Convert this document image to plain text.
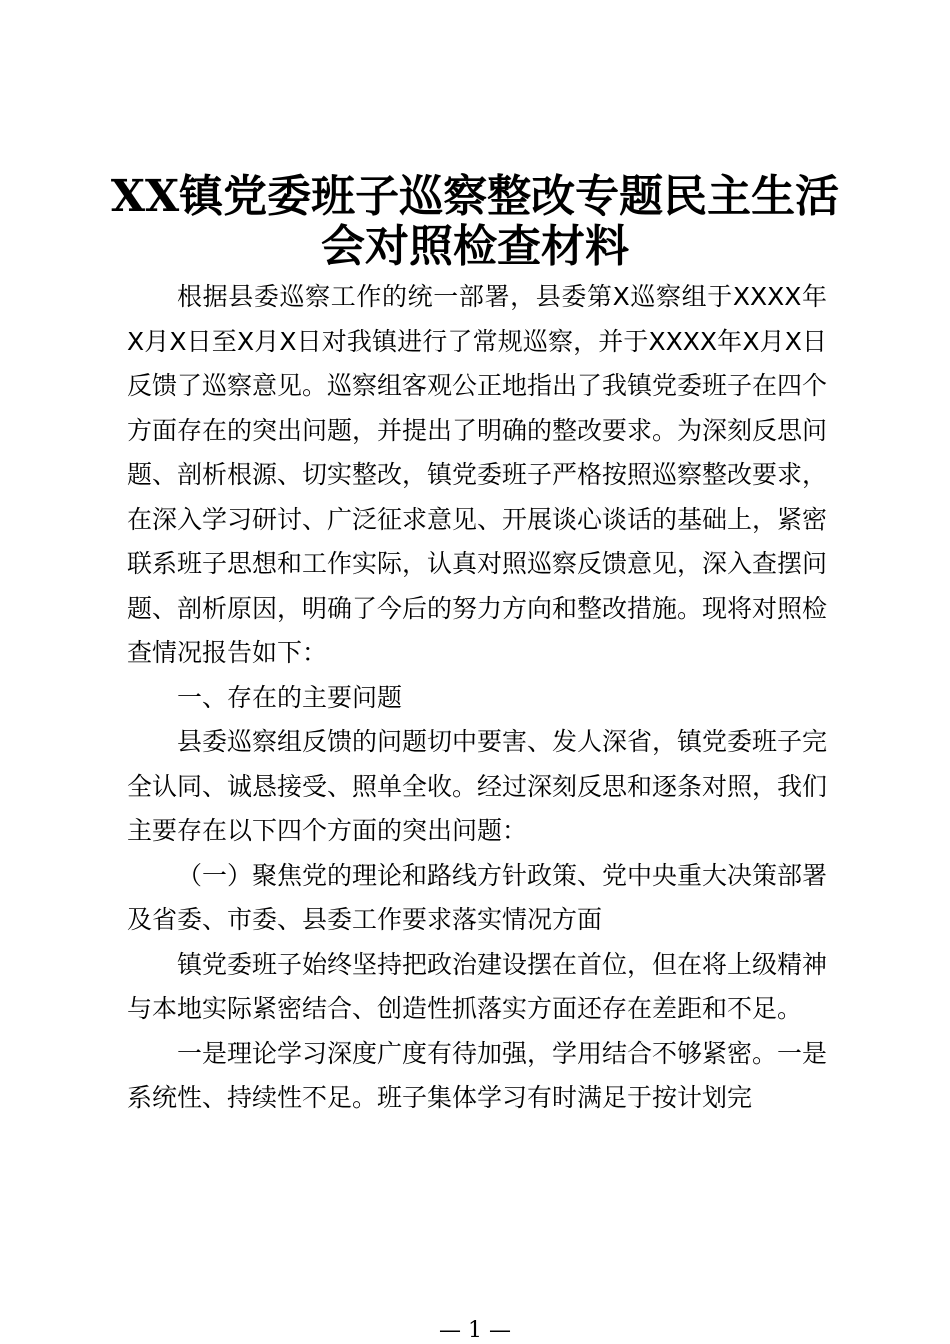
XX镇党委班子巡察整改专题民主生活
会对照检查材料

根据县委巡察工作的统一部署，县委第X巡察组于XXXX年X月X日至X月X日对我镇进行了常规巡察，并于XXXX年X月X日反馈了巡察意见。巡察组客观公正地指出了我镇党委班子在四个方面存在的突出问题，并提出了明确的整改要求。为深刻反思问题、剖析根源、切实整改，镇党委班子严格按照巡察整改要求，在深入学习研讨、广泛征求意见、开展谈心谈话的基础上，紧密联系班子思想和工作实际，认真对照巡察反馈意见，深入查摆问题、剖析原因，明确了今后的努力方向和整改措施。现将对照检查情况报告如下：

一、存在的主要问题

县委巡察组反馈的问题切中要害、发人深省，镇党委班子完全认同、诚恳接受、照单全收。经过深刻反思和逐条对照，我们主要存在以下四个方面的突出问题：

（一）聚焦党的理论和路线方针政策、党中央重大决策部署及省委、市委、县委工作要求落实情况方面

镇党委班子始终坚持把政治建设摆在首位，但在将上级精神与本地实际紧密结合、创造性抓落实方面还存在差距和不足。

一是理论学习深度广度有待加强，学用结合不够紧密。一是系统性、持续性不足。班子集体学习有时满足于按计划完

— 1 —
